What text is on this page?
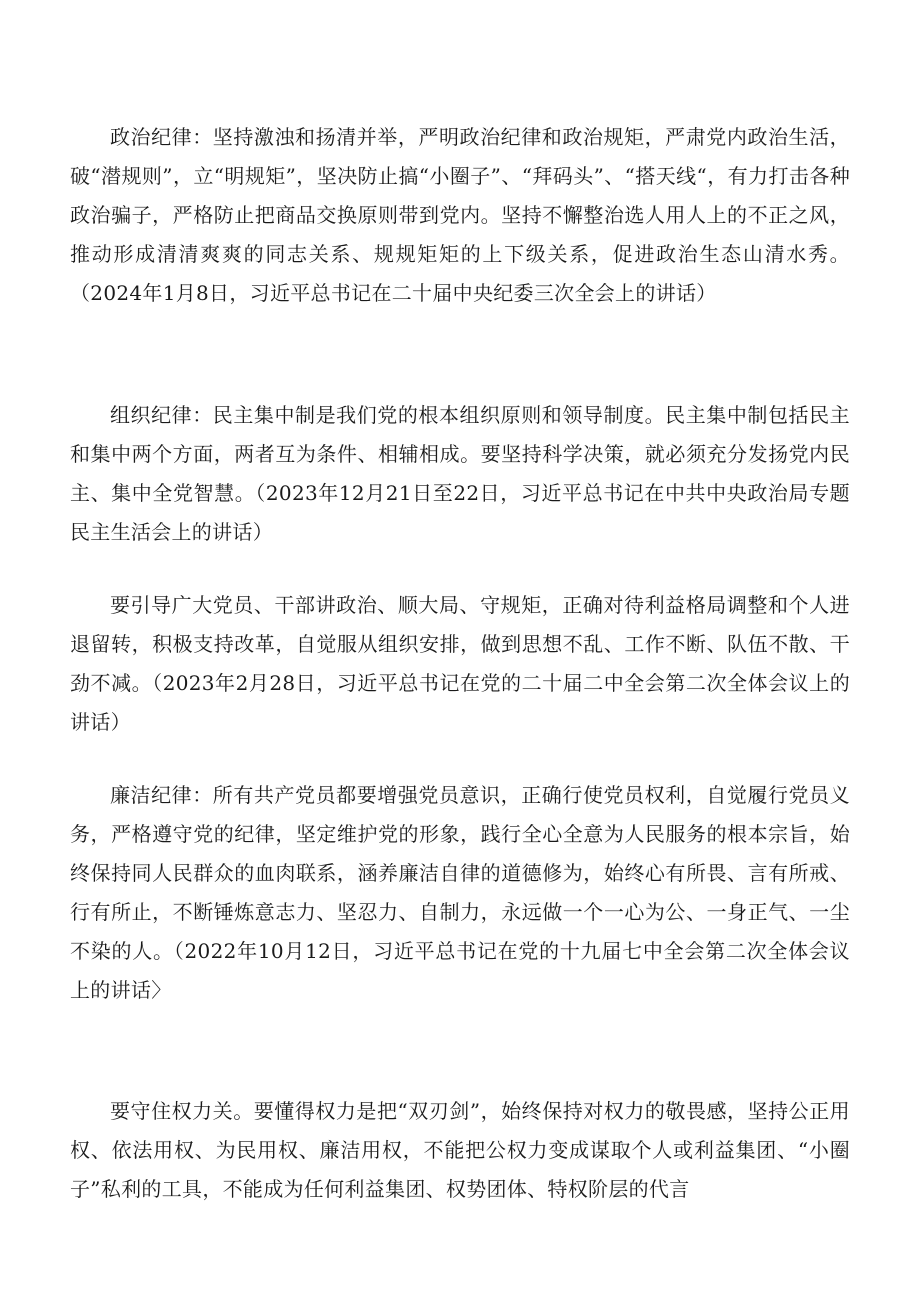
政治纪律：坚持激浊和扬清并举，严明政治纪律和政治规矩，严肃党内政治生活，破“潜规则”，立“明规矩”，坚决防止搞“小圈子”、“拜码头”、“搭天线“，有力打击各种政治骗子，严格防止把商品交换原则带到党内。坚持不懈整治选人用人上的不正之风，推动形成清清爽爽的同志关系、规规矩矩的上下级关系，促进政治生态山清水秀。（2024年1月8日，习近平总书记在二十届中央纪委三次全会上的讲话）

组织纪律：民主集中制是我们党的根本组织原则和领导制度。民主集中制包括民主和集中两个方面，两者互为条件、相辅相成。要坚持科学决策，就必须充分发扬党内民主、集中全党智慧。（2023年12月21日至22日，习近平总书记在中共中央政治局专题民主生活会上的讲话）

要引导广大党员、干部讲政治、顺大局、守规矩，正确对待利益格局调整和个人进退留转，积极支持改革，自觉服从组织安排，做到思想不乱、工作不断、队伍不散、干劲不减。（2023年2月28日，习近平总书记在党的二十届二中全会第二次全体会议上的讲话）

廉洁纪律：所有共产党员都要增强党员意识，正确行使党员权利，自觉履行党员义务，严格遵守党的纪律，坚定维护党的形象，践行全心全意为人民服务的根本宗旨，始终保持同人民群众的血肉联系，涵养廉洁自律的道德修为，始终心有所畏、言有所戒、行有所止，不断锤炼意志力、坚忍力、自制力，永远做一个一心为公、一身正气、一尘不染的人。（2022年10月12日，习近平总书记在党的十九届七中全会第二次全体会议上的讲话〉

要守住权力关。要懂得权力是把“双刃剑”，始终保持对权力的敬畏感，坚持公正用权、依法用权、为民用权、廉洁用权，不能把公权力变成谋取个人或利益集团、“小圈子”私利的工具，不能成为任何利益集团、权势团体、特权阶层的代言
